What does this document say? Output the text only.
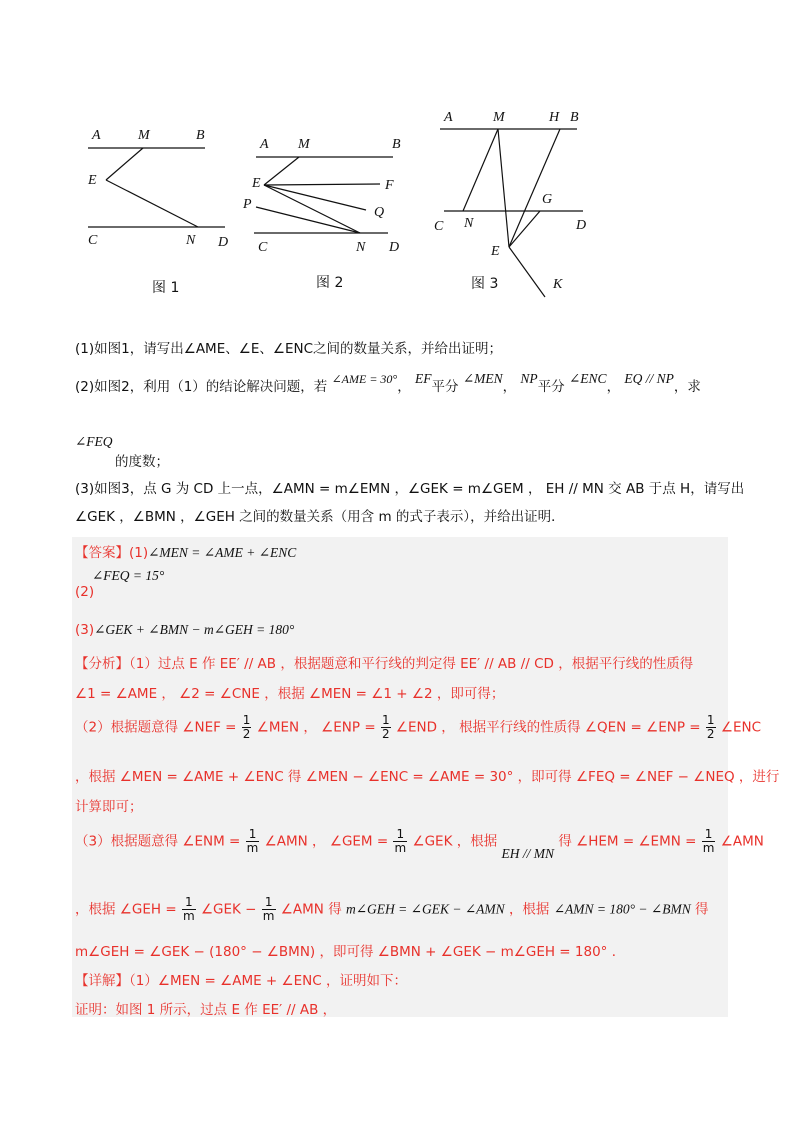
A	M	B
E
C	N D
图 1
A M	B
E	F
P
Q
C	N D
图 2
A	M	H B
G
C N	D
E
K
图 3
(1)如图1，请写出∠AME、∠E、∠ENC之间的数量关系，并给出证明；
(2)如图2，利用（1）的结论解决问题，若 ∠AME = 30°， EF平分 ∠MEN， NP平分 ∠ENC， EQ // NP，求
∠FEQ
的度数；
(3)如图3，点 G 为 CD 上一点，∠AMN = m∠EMN ，∠GEK = m∠GEM ， EH // MN 交 AB 于点 H，请写出
∠GEK ，∠BMN ，∠GEH 之间的数量关系（用含 m 的式子表示），并给出证明．
【答案】(1)∠MEN = ∠AME + ∠ENC
∠FEQ = 15°
(2)
(3)∠GEK + ∠BMN − m∠GEH = 180°
【分析】（1）过点 E 作 EE′ // AB ，根据题意和平行线的判定得 EE′ // AB // CD ，根据平行线的性质得
∠1 = ∠AME ， ∠2 = ∠CNE ，根据 ∠MEN = ∠1 + ∠2 ，即可得；
（2）根据题意得 ∠NEF = $\frac{1}{2}$ ∠MEN ， ∠ENP = $\frac{1}{2}$ ∠END ， 根据平行线的性质得 ∠QEN = ∠ENP = $\frac{1}{2}$ ∠ENC
，根据 ∠MEN = ∠AME + ∠ENC 得 ∠MEN − ∠ENC = ∠AME = 30° ，即可得 ∠FEQ = ∠NEF − ∠NEQ ，进行
计算即可；
（3）根据题意得 ∠ENM = $\frac{1}{m}$ ∠AMN ， ∠GEM = $\frac{1}{m}$ ∠GEK ，根据 EH // MN 得 ∠HEM = ∠EMN = $\frac{1}{m}$ ∠AMN
，根据 ∠GEH = $\frac{1}{m}$ ∠GEK − $\frac{1}{m}$ ∠AMN 得 m∠GEH = ∠GEK − ∠AMN ，根据 ∠AMN = 180° − ∠BMN 得
m∠GEH = ∠GEK − (180° − ∠BMN) ，即可得 ∠BMN + ∠GEK − m∠GEH = 180° ．
【详解】（1）∠MEN = ∠AME + ∠ENC ，证明如下：
证明：如图 1 所示，过点 E 作 EE′ // AB ，
